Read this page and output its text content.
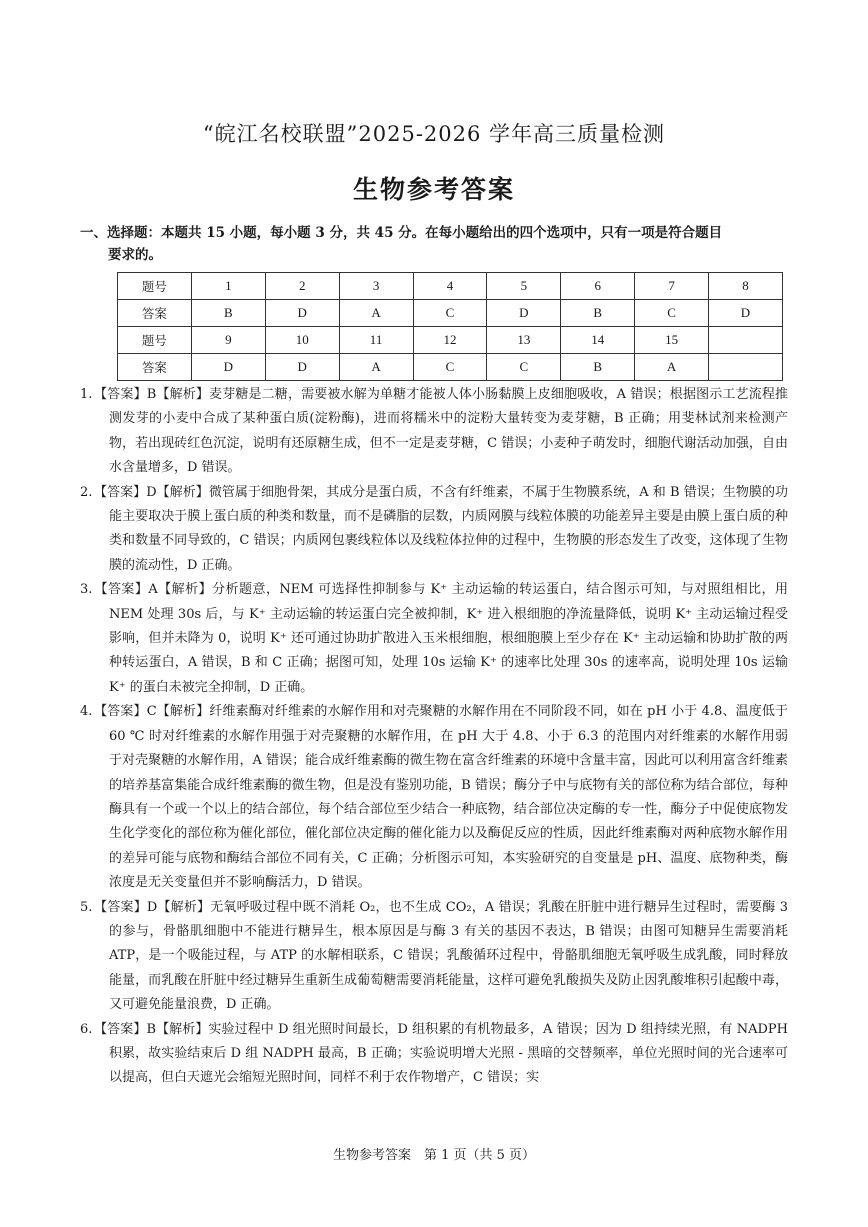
“皖江名校联盟”2025-2026 学年高三质量检测
生物参考答案
一、选择题：本题共 15 小题，每小题 3 分，共 45 分。在每小题给出的四个选项中，只有一项是符合题目
要求的。
题号	1	2	3	4	5	6	7	8
答案	B	D	A	C	D	B	C	D
题号	9	10	11	12	13	14	15	
答案	D	D	A	C	C	B	A	

1. 【答案】B【解析】麦芽糖是二糖，需要被水解为单糖才能被人体小肠黏膜上皮细胞吸收，A 错误；根据图示工艺流程推测发芽的小麦中合成了某种蛋白质(淀粉酶)，进而将糯米中的淀粉大量转变为麦芽糖，B 正确；用斐林试剂来检测产物，若出现砖红色沉淀，说明有还原糖生成，但不一定是麦芽糖，C 错误；小麦种子萌发时，细胞代谢活动加强，自由水含量增多，D 错误。

2. 【答案】D【解析】微管属于细胞骨架，其成分是蛋白质，不含有纤维素，不属于生物膜系统，A 和 B 错误；生物膜的功能主要取决于膜上蛋白质的种类和数量，而不是磷脂的层数，内质网膜与线粒体膜的功能差异主要是由膜上蛋白质的种类和数量不同导致的，C 错误；内质网包裹线粒体以及线粒体拉伸的过程中，生物膜的形态发生了改变，这体现了生物膜的流动性，D 正确。

3. 【答案】A【解析】分析题意，NEM 可选择性抑制参与 K⁺ 主动运输的转运蛋白，结合图示可知，与对照组相比，用 NEM 处理 30s 后，与 K⁺ 主动运输的转运蛋白完全被抑制，K⁺ 进入根细胞的净流量降低，说明 K⁺ 主动运输过程受影响，但并未降为 0，说明 K⁺ 还可通过协助扩散进入玉米根细胞，根细胞膜上至少存在 K⁺ 主动运输和协助扩散的两种转运蛋白，A 错误，B 和 C 正确；据图可知，处理 10s 运输 K⁺ 的速率比处理 30s 的速率高，说明处理 10s 运输 K⁺ 的蛋白未被完全抑制，D 正确。

4. 【答案】C【解析】纤维素酶对纤维素的水解作用和对壳聚糖的水解作用在不同阶段不同，如在 pH 小于 4.8、温度低于 60 ℃ 时对纤维素的水解作用强于对壳聚糖的水解作用，在 pH 大于 4.8、小于 6.3 的范围内对纤维素的水解作用弱于对壳聚糖的水解作用，A 错误；能合成纤维素酶的微生物在富含纤维素的环境中含量丰富，因此可以利用富含纤维素的培养基富集能合成纤维素酶的微生物，但是没有鉴别功能，B 错误；酶分子中与底物有关的部位称为结合部位，每种酶具有一个或一个以上的结合部位，每个结合部位至少结合一种底物，结合部位决定酶的专一性，酶分子中促使底物发生化学变化的部位称为催化部位，催化部位决定酶的催化能力以及酶促反应的性质，因此纤维素酶对两种底物水解作用的差异可能与底物和酶结合部位不同有关，C 正确；分析图示可知，本实验研究的自变量是 pH、温度、底物种类，酶浓度是无关变量但并不影响酶活力，D 错误。

5. 【答案】D【解析】无氧呼吸过程中既不消耗 O₂，也不生成 CO₂，A 错误；乳酸在肝脏中进行糖异生过程时，需要酶 3 的参与，骨骼肌细胞中不能进行糖异生，根本原因是与酶 3 有关的基因不表达，B 错误；由图可知糖异生需要消耗 ATP，是一个吸能过程，与 ATP 的水解相联系，C 错误；乳酸循环过程中，骨骼肌细胞无氧呼吸生成乳酸，同时释放能量，而乳酸在肝脏中经过糖异生重新生成葡萄糖需要消耗能量，这样可避免乳酸损失及防止因乳酸堆积引起酸中毒，又可避免能量浪费，D 正确。

6. 【答案】B【解析】实验过程中 D 组光照时间最长，D 组积累的有机物最多，A 错误；因为 D 组持续光照，有 NADPH 积累，故实验结束后 D 组 NADPH 最高，B 正确；实验说明增大光照 - 黑暗的交替频率，单位光照时间的光合速率可以提高，但白天遮光会缩短光照时间，同样不利于农作物增产，C 错误；实

生物参考答案　第 1 页（共 5 页）
